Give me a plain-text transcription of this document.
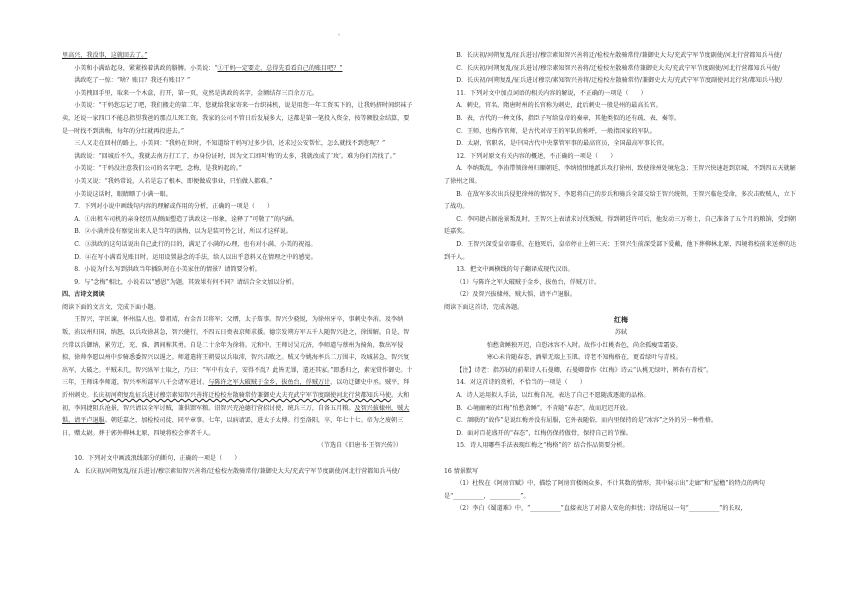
'

里高兴，我没事，这就回去了。”

小美和小满站起身，紧紧挨着洪政的胳膊。小美说：“①干妈一定要走，总得先看看自己的账目吧？”

洪政吃了一惊：“啥？账目？我还有账目？”

小美拽回手里，取来一个木盒，打开，第一页，竟然是洪政的名字，金额结存三百余万元。

小美说：“干妈您忘记了吧，我们搬走的第二年，您就给我家寄来一台织袜机，说是用您一年工资买下的，让我妈挤时间织袜子卖，还说一家四口不能总指望我爸的那点儿死工资。我家的公司不管日后发展多大，这都是第一笔投入资金，按等额股金结算，要是一时找不到洪梅，每年的分红就再投进去。”

三人又走在回村的路上，小美问：“我妈在世时，不知道给干妈写过多少信，还求过公安帮忙，怎么就找不到您呢？”

洪政说：“回城后不久，我就去南方打工了，办身份证时，因为文工团叫‘梅’的太多，我就改成了‘玫’。难为你们苦找了。”

小美说：“干妈没注意我们公司的名字吧，念梅，是我妈起的。”

小美又说：“我妈常说，人若是忘了根本，即便做成事业，只怕做人都难。”

小美说这话时，眼睛瞟了小满一眼。

7．下列对小说中画线句内容的理解或作用的分析，正确的一项是（　　）

A．①出租车司机的亲身经历从侧面塑造了洪政这一形象，诠释了“可敬了”的内涵。

B．②小满并没有察觉出来人是当年的洪梅，以为是装可怜乞讨，所以才这样说。

C．③洪政的这句话说出自己此行的目的，满足了小满的心理，也有对小满、小美的祝福。

D．④在写小满看见账目时，运用设置悬念的手法，给人以出乎意料又在情理之中的感觉。

8．小说为什么写到洪政当年插队时在小美家住的情景？请简要分析。

9．与“念梅”相比，小说若以“感恩”为题，其效果有何不同？请结合全文加以分析。

四、古诗文阅读

阅读下面的文言文，完成下面小题。

王智兴，字匡谏，怀州温人也。曾祖靖，右金吾卫将军；父缙，太子詹事。智兴少骁锐，为徐州牙卒，事刺史李洧。及李纳叛，洧以州归国，纳怒，以兵攻徐甚急，智兴健行，不四五日赍表京师求援。德宗发朔方军五千人随智兴赴之，徐围解。自是，智兴常以兵御纳，累劳迁，充、淮、泗间称其勇。自是二十余年为徐将。元和中，王师讨吴元济，李师道与蔡州为掎角，数出军侵掠，徐帅李愿以州中步骑悉委智兴以遏之。师道遣将王朝晏以兵取沛，智兴击败之。贼又令姚海率兵二万围丰，攻城甚急，智兴复出军，大破之。平贼未几，智兴纵军士取之，乃曰：“军中有女子，安得不乱？此皆无罪，遣还其家。”即悉归之，素宠赏作御史。十三年，王师诛李师道，智兴率所部军八千会诸军进讨，与陈许之军大破贼于金乡，拔鱼台，俘贼万计，以功迁御史中丞。贼平，拜沂州刺史。长庆初河朔复乱征兵进讨穆宗素知智兴善将迁检校左散骑常侍兼御史大夫充武宁军节度副使河北行营都知兵马使。大和初，李同捷阻兵沧景，智兴请以全军讨贼，兼供馈军粮。诏智兴充沧德行营招讨使，统兵三万，自备五月粮。及智兴拔棣州，贼大惧，请平卢退服。朝廷嘉之，加检校司徒、同平章事。七年，以病请罢，进太子太傅。行至洛阳，卒，年七十七。帝为之废朝三日，赠太尉。葬于郭外柳林北原，四境将校会葬者千人。

（节选自《旧唐书·王智兴传》）

10．下列对文中画波浪线部分的断句，正确的一项是（　　）

A．长庆初/河朔复乱/征兵进讨/穆宗素知智兴善将/迁检校左散骑常侍/兼御史大夫/充武宁军节度副使/河北行营都知兵马使/

B．长庆初/河朔复乱/征兵进讨/穆宗素知智兴善将迁/检校左散骑常侍/兼御史大夫/充武宁军节度副使/河北行营都知兵马使/

C．长庆初/河朔复乱/征兵进讨/穆宗素知智兴善将/迁检校左散骑常侍兼御史大夫/充武宁军节度副使/河北行营都知兵马使/

D．长庆初/河朔复乱/征兵进讨穆宗/素知智兴善将/迁检校左散骑常侍/兼御史大夫/充武宁军节度副使河北行营/都知兵马使/

11．下列对文中加点词语的相关内容的解说，不正确的一项是（　　）

A．刺史，官名，隋唐时州的长官称为刺史，此后刺史一般是州的最高长官。

B．表，古代的一种文体，指臣子写给皇帝的奏章，其他类似的还有疏、表、奏等。

C．王师，也称作官师，是古代对帝王的军队的称呼，一般指国家的军队。

D．太尉，官职名，是中国古代中央掌管军事的最高官员，全国最高军事长官。

12．下列对原文有关内容的概述，不正确的一项是（　　）

A．李纳叛乱，李洧带领徐州归顺朝廷，李纳愤恨地派兵攻打徐州，致使徐州处境危急；王智兴快速赶到京城，不到四五天就解了徐州之围。

B．在敌军多次出兵侵犯徐州的情况下，李愿将自己的步兵和骑兵全部交给王智兴统领，王智兴临危受命，多次击败贼人，立下了战功。

C．李同捷占据沧景叛乱时，王智兴上表请求讨伐叛贼，得到朝廷许可后，他发动三万将士，自己准备了五个月的粮饷，受到朝廷嘉奖。

D．王智兴深受皇帝器重，在他死后，皇帝停止上朝三天；王智兴生前深受部下爱戴，他下葬柳林北原，四境将校前来送葬的达到千人。

13．把文中画横线的句子翻译成现代汉语。

（1）与陈许之军大破贼于金乡，拔鱼台，俘贼万计。

（2）及智兴拔棣州，贼大惧，请平卢退服。

阅读下面这首诗，完成各题。

红梅

苏轼

怕愁贪睡独开迟，自恐冰容不入时。故作小红桃杏色，尚余孤瘦雪霜姿。

寒心未肯随春态，酒晕无端上玉肌。诗老不知梅格在，更看绿叶与青枝。

【注】诗老：指苏轼的前辈诗人石曼卿，石曼卿曾作《红梅》诗云“认桃无绿叶，辨杏有青枝”。

14．对这首诗的赏析，不恰当的一项是（　　）

A．诗人运用拟人手法，以红梅自况，表达了自己不愿随波逐流的品格。

B．心境幽寒的红梅“怕愁贪睡”，不肯随“春态”，故而迟迟开放。

C．颔联的“故作”是说红梅并没有屈服，它外表随俗，而内里保持的是“冰容”之外的另一种性格。

D．面对百花盛开的“春态”，红梅仍保持傲骨，保持自己的节操。

15．诗人用哪些手法表现红梅之“梅格”的？结合作品简要分析。

16 情景默写

（1）杜牧在《阿房宫赋》中，描绘了阿房宫楼阁众多、不计其数的情形，其中展示出“走廊”和“屋檐”的特点的两句是“__________，__________”。

（2）李白《蜀道难》中，“__________”直接表达了对游人安危的担忧；诗结尾以一句“__________”的长叹，
